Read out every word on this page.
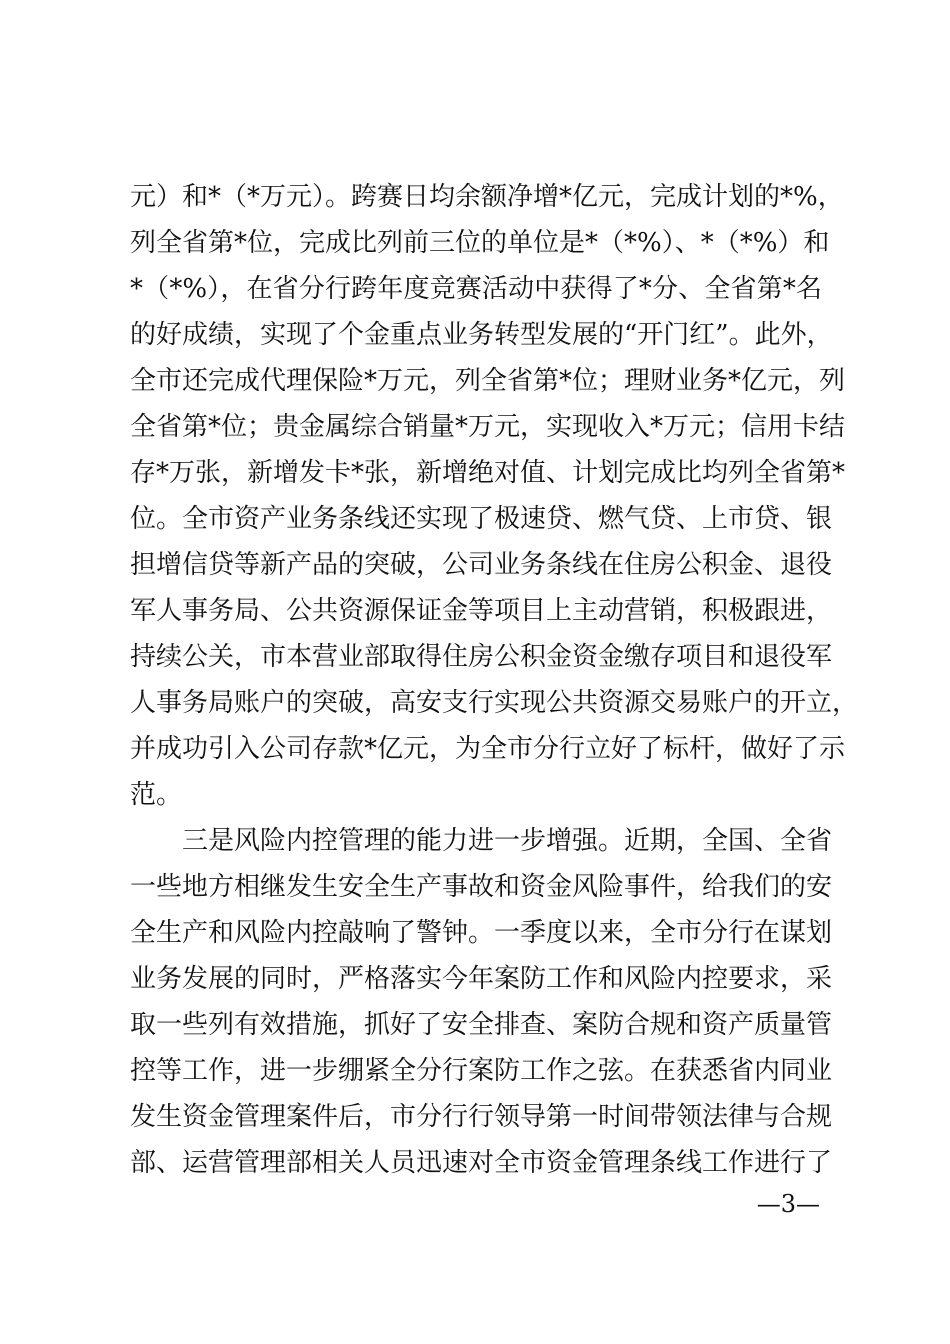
元）和*（*万元）。跨赛日均余额净增*亿元，完成计划的*%，
列全省第*位，完成比列前三位的单位是*（*%）、*（*%）和
*（*%），在省分行跨年度竞赛活动中获得了*分、全省第*名
的好成绩，实现了个金重点业务转型发展的“开门红”。此外，
全市还完成代理保险*万元，列全省第*位；理财业务*亿元，列
全省第*位；贵金属综合销量*万元，实现收入*万元；信用卡结
存*万张，新增发卡*张，新增绝对值、计划完成比均列全省第*
位。全市资产业务条线还实现了极速贷、燃气贷、上市贷、银
担增信贷等新产品的突破，公司业务条线在住房公积金、退役
军人事务局、公共资源保证金等项目上主动营销，积极跟进，
持续公关，市本营业部取得住房公积金资金缴存项目和退役军
人事务局账户的突破，高安支行实现公共资源交易账户的开立，
并成功引入公司存款*亿元，为全市分行立好了标杆，做好了示
范。
三是风险内控管理的能力进一步增强。近期，全国、全省
一些地方相继发生安全生产事故和资金风险事件，给我们的安
全生产和风险内控敲响了警钟。一季度以来，全市分行在谋划
业务发展的同时，严格落实今年案防工作和风险内控要求，采
取一些列有效措施，抓好了安全排查、案防合规和资产质量管
控等工作，进一步绷紧全分行案防工作之弦。在获悉省内同业
发生资金管理案件后，市分行行领导第一时间带领法律与合规
部、运营管理部相关人员迅速对全市资金管理条线工作进行了
—3—
